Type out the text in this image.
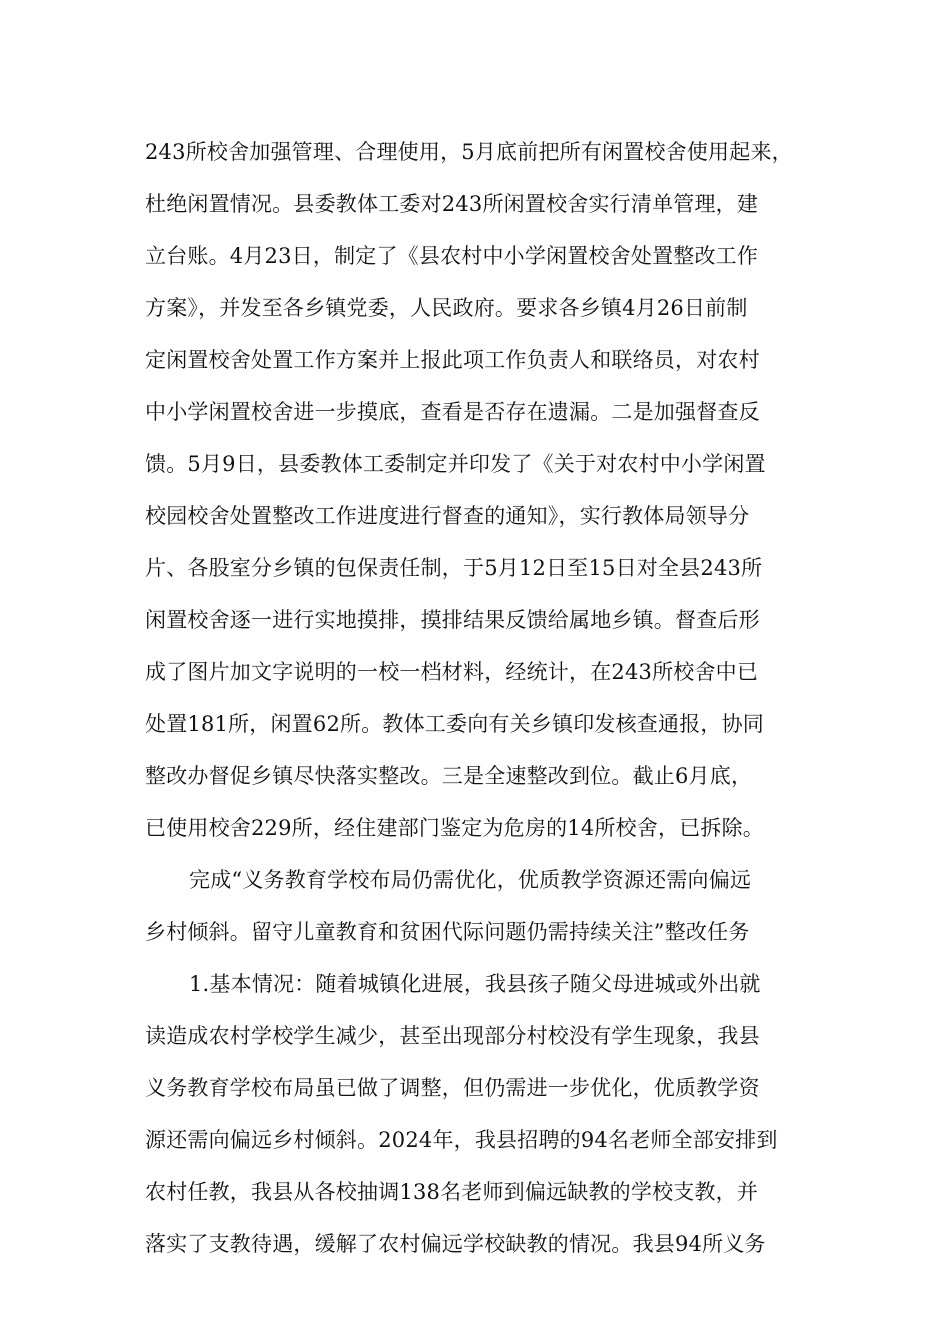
243所校舍加强管理、合理使用，5月底前把所有闲置校舍使用起来，
杜绝闲置情况。县委教体工委对243所闲置校舍实行清单管理，建
立台账。4月23日，制定了《县农村中小学闲置校舍处置整改工作
方案》，并发至各乡镇党委，人民政府。要求各乡镇4月26日前制
定闲置校舍处置工作方案并上报此项工作负责人和联络员，对农村
中小学闲置校舍进一步摸底，查看是否存在遗漏。二是加强督查反
馈。5月9日，县委教体工委制定并印发了《关于对农村中小学闲置
校园校舍处置整改工作进度进行督查的通知》，实行教体局领导分
片、各股室分乡镇的包保责任制，于5月12日至15日对全县243所
闲置校舍逐一进行实地摸排，摸排结果反馈给属地乡镇。督查后形
成了图片加文字说明的一校一档材料，经统计，在243所校舍中已
处置181所，闲置62所。教体工委向有关乡镇印发核查通报，协同
整改办督促乡镇尽快落实整改。三是全速整改到位。截止6月底，
已使用校舍229所，经住建部门鉴定为危房的14所校舍，已拆除。
完成“义务教育学校布局仍需优化，优质教学资源还需向偏远
乡村倾斜。留守儿童教育和贫困代际问题仍需持续关注”整改任务
1.基本情况：随着城镇化进展，我县孩子随父母进城或外出就
读造成农村学校学生减少，甚至出现部分村校没有学生现象，我县
义务教育学校布局虽已做了调整，但仍需进一步优化，优质教学资
源还需向偏远乡村倾斜。2024年，我县招聘的94名老师全部安排到
农村任教，我县从各校抽调138名老师到偏远缺教的学校支教，并
落实了支教待遇，缓解了农村偏远学校缺教的情况。我县94所义务
